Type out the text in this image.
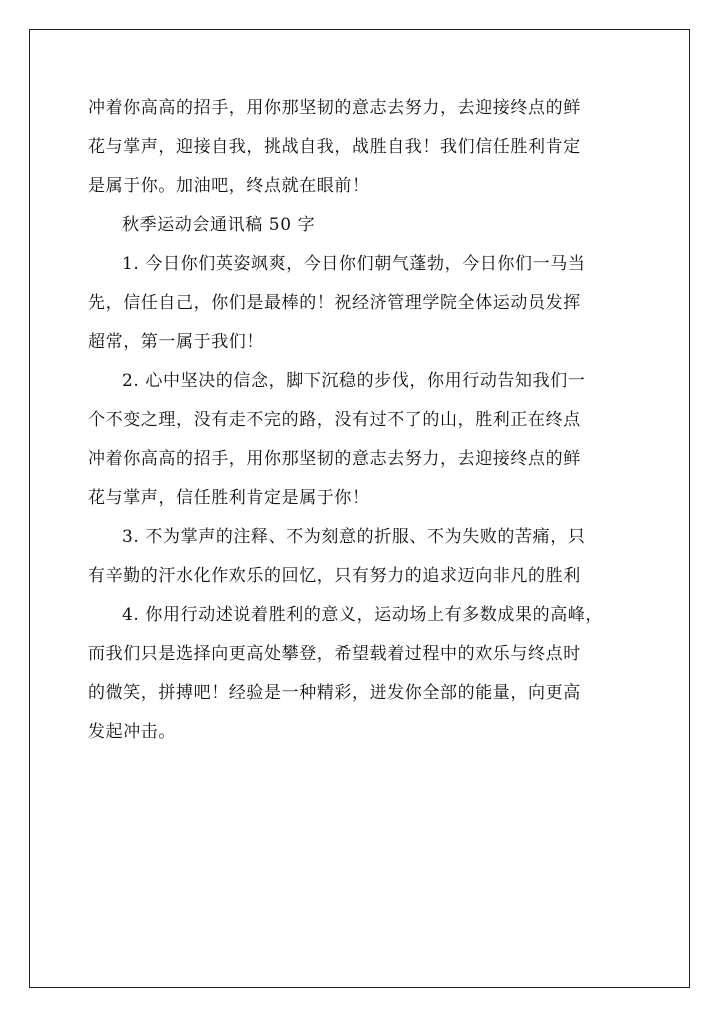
冲着你高高的招手，用你那坚韧的意志去努力，去迎接终点的鲜
花与掌声，迎接自我，挑战自我，战胜自我！我们信任胜利肯定
是属于你。加油吧，终点就在眼前！
秋季运动会通讯稿 50 字
1. 今日你们英姿飒爽，今日你们朝气蓬勃，今日你们一马当
先，信任自己，你们是最棒的！祝经济管理学院全体运动员发挥
超常，第一属于我们！
2. 心中坚决的信念，脚下沉稳的步伐，你用行动告知我们一
个不变之理，没有走不完的路，没有过不了的山，胜利正在终点
冲着你高高的招手，用你那坚韧的意志去努力，去迎接终点的鲜
花与掌声，信任胜利肯定是属于你！
3. 不为掌声的注释、不为刻意的折服、不为失败的苦痛，只
有辛勤的汗水化作欢乐的回忆，只有努力的追求迈向非凡的胜利
4. 你用行动述说着胜利的意义，运动场上有多数成果的高峰，
而我们只是选择向更高处攀登，希望载着过程中的欢乐与终点时
的微笑，拼搏吧！经验是一种精彩，迸发你全部的能量，向更高
发起冲击。
